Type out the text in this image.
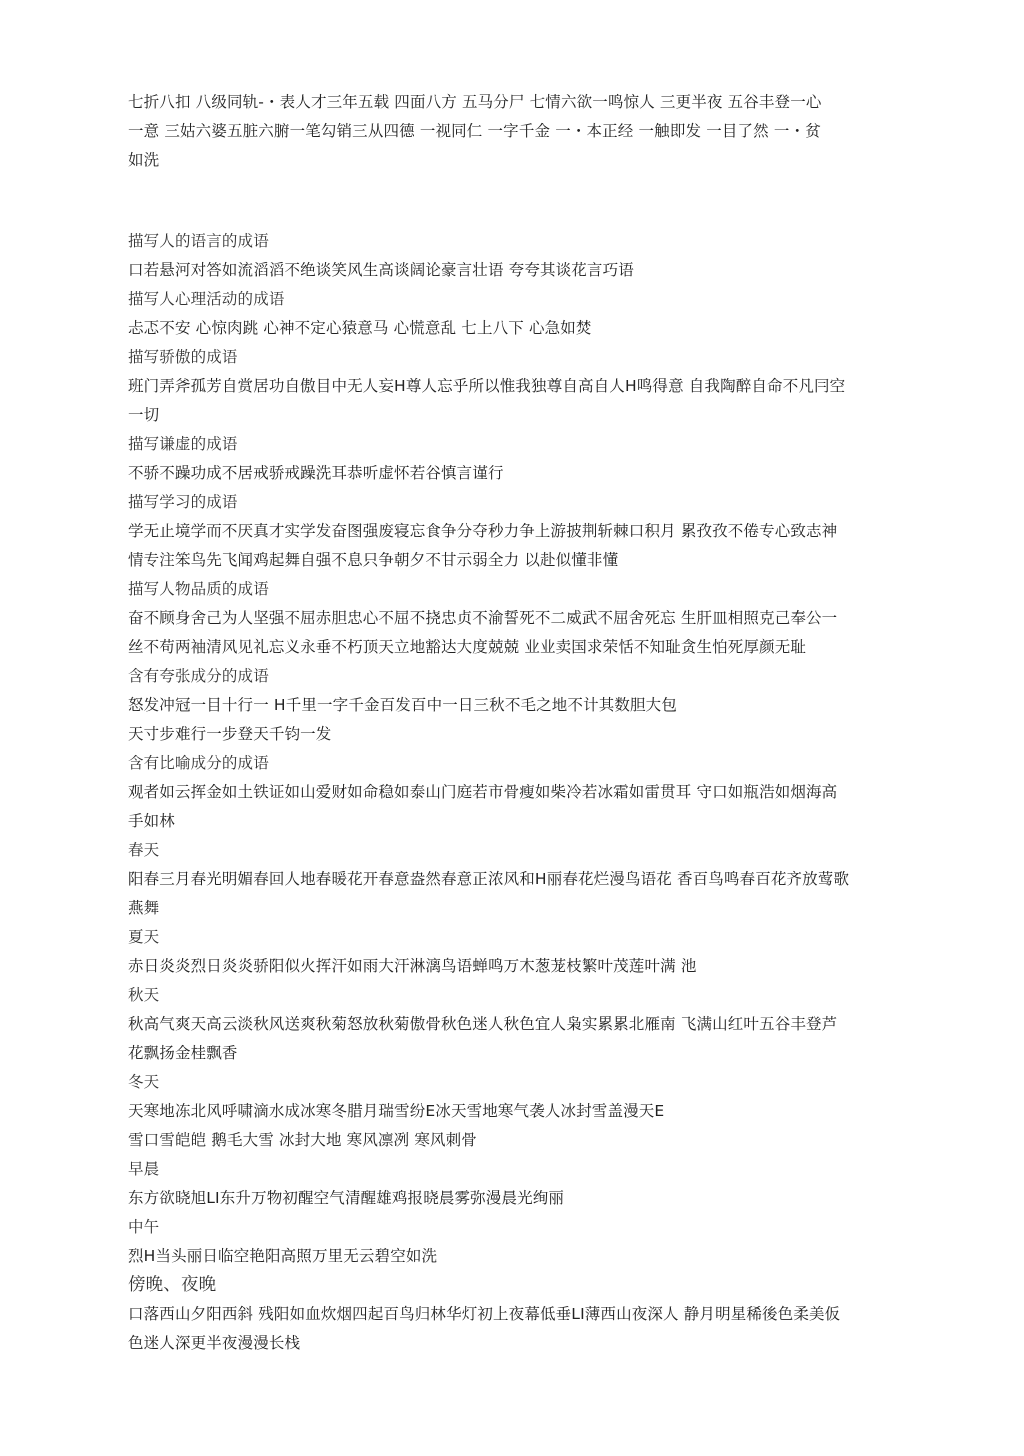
七折八扣 八级同轨-・表人才三年五载 四面八方 五马分尸 七情六欲一鸣惊人 三更半夜 五谷丰登一心
一意 三姑六婆五脏六腑一笔勾销三从四德 一视同仁 一字千金 一・本正经 一触即发 一目了然 一・贫
如洗
描写人的语言的成语
口若悬河对答如流滔滔不绝谈笑风生高谈阔论豪言壮语 夸夸其谈花言巧语
描写人心理活动的成语
忐忑不安 心惊肉跳 心神不定心猿意马 心慌意乱 七上八下 心急如焚
描写骄傲的成语
班门弄斧孤芳自赏居功自傲目中无人妄H尊人忘乎所以惟我独尊自高自人H鸣得意 自我陶醉自命不凡冃空
一切
描写谦虚的成语
不骄不躁功成不居戒骄戒躁洗耳恭听虚怀若谷慎言谨行
描写学习的成语
学无止境学而不厌真才实学发奋图强废寝忘食争分夺秒力争上游披荆斩棘口积月 累孜孜不倦专心致志神
情专注笨鸟先飞闻鸡起舞自强不息只争朝夕不甘示弱全力 以赴似懂非懂
描写人物品质的成语
奋不顾身舍己为人坚强不屈赤胆忠心不屈不挠忠贞不渝誓死不二威武不屈舍死忘 生肝皿相照克己奉公一
丝不苟两袖清风见礼忘义永垂不朽顶天立地豁达大度兢兢 业业卖国求荣恬不知耻贪生怕死厚颜无耻
含有夸张成分的成语
怒发冲冠一目十行一 H千里一字千金百发百中一日三秋不毛之地不计其数胆大包
天寸步难行一步登天千钧一发
含有比喻成分的成语
观者如云挥金如土铁证如山爱财如命稳如泰山门庭若市骨瘦如柴冷若冰霜如雷贯耳 守口如瓶浩如烟海高
手如林
春天
阳春三月春光明媚春回人地春暖花开春意盎然春意正浓风和H丽春花烂漫鸟语花 香百鸟鸣春百花齐放莺歌
燕舞
夏天
赤日炎炎烈日炎炎骄阳似火挥汗如雨大汗淋漓鸟语蝉鸣万木葱茏枝繁叶茂莲叶满 池
秋天
秋高气爽天高云淡秋风送爽秋菊怒放秋菊傲骨秋色迷人秋色宜人枭实累累北雁南 飞满山红叶五谷丰登芦
花飘扬金桂飘香
冬天
天寒地冻北风呼啸滴水成冰寒冬腊月瑞雪纷E冰天雪地寒气袭人冰封雪盖漫天E
雪口雪皑皑 鹅毛大雪 冰封大地 寒风凛冽 寒风刺骨
早晨
东方欲晓旭LI东升万物初醒空气清醒雄鸡报晓晨雾弥漫晨光绚丽
中午
烈H当头丽日临空艳阳高照万里无云碧空如洗
傍晚、夜晚
口落西山夕阳西斜 残阳如血炊烟四起百鸟归林华灯初上夜幕低垂LI薄西山夜深人 静月明星稀後色柔美仮
色迷人深更半夜漫漫长栈
